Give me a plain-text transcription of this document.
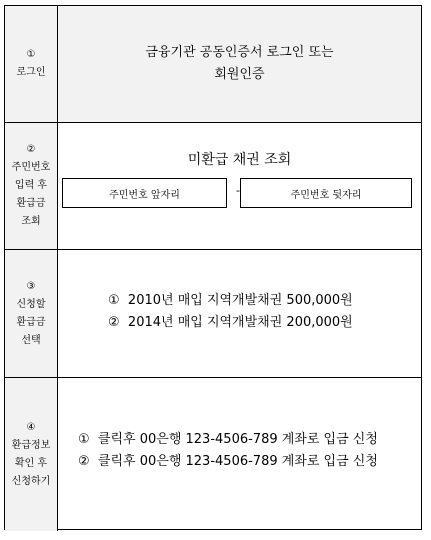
①
로그인
금융기관 공동인증서 로그인 또는
회원인증
②
주민번호
입력 후
환급금
조회
미환급 채권 조회
주민번호 앞자리	-	주민번호 뒷자리
③
신청할
환급금
선택
① 2010년 매입 지역개발채권 500,000원
② 2014년 매입 지역개발채권 200,000원
④
환급정보
확인 후
신청하기
① 클릭후 00은행 123-4506-789 계좌로 입금 신청
② 클릭후 00은행 123-4506-789 계좌로 입금 신청
